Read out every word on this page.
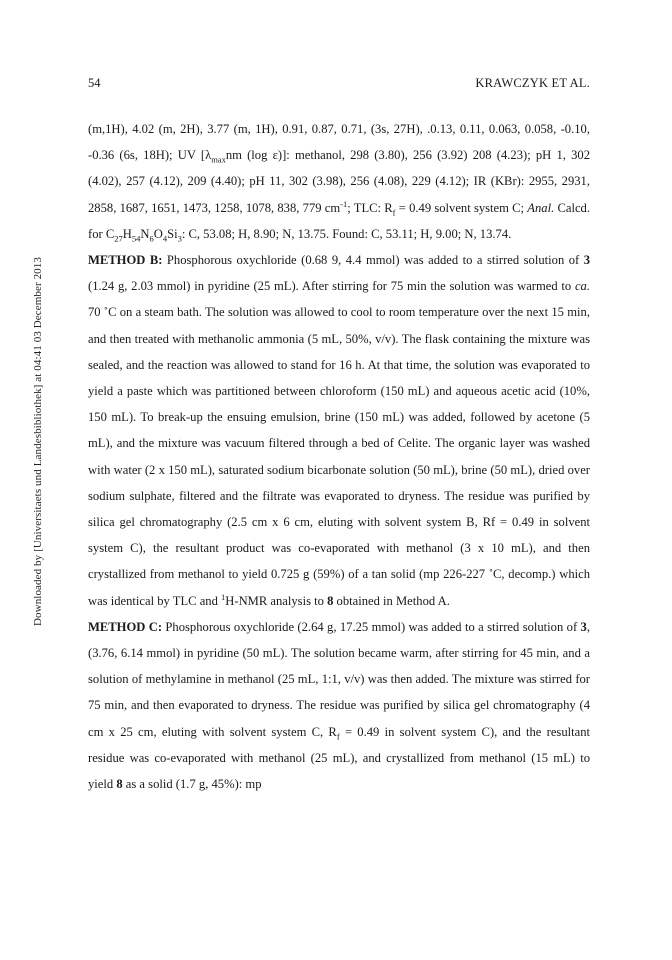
Downloaded by [Universitaets und Landesbibliothek] at 04:41 03 December 2013
54	KRAWCZYK ET AL.

(m,1H), 4.02 (m, 2H), 3.77 (m, 1H), 0.91, 0.87, 0.71, (3s, 27H), .0.13, 0.11, 0.063, 0.058, -0.10, -0.36 (6s, 18H); UV [$\lambda_{max}nm$ (log ε)]: methanol, 298 (3.80), 256 (3.92) 208 (4.23); pH 1, 302 (4.02), 257 (4.12), 209 (4.40); pH 11, 302 (3.98), 256 (4.08), 229 (4.12); IR (KBr): 2955, 2931, 2858, 1687, 1651, 1473, 1258, 1078, 838, 779 $cm^{-1}$; TLC: $R_f = 0.49$ solvent system C; Anal. Calcd. for $C_{27}H_{54}N_6O_4Si_3$: C, 53.08; H, 8.90; N, 13.75. Found: C, 53.11; H, 9.00; N, 13.74.

METHOD B: Phosphorous oxychloride (0.68 9, 4.4 mmol) was added to a stirred solution of 3 (1.24 g, 2.03 mmol) in pyridine (25 mL). After stirring for 75 min the solution was warmed to ca. 70 ˚C on a steam bath. The solution was allowed to cool to room temperature over the next 15 min, and then treated with methanolic ammonia (5 mL, 50%, v/v). The flask containing the mixture was sealed, and the reaction was allowed to stand for 16 h. At that time, the solution was evaporated to yield a paste which was partitioned between chloroform (150 mL) and aqueous acetic acid (10%, 150 mL). To break-up the ensuing emulsion, brine (150 mL) was added, followed by acetone (5 mL), and the mixture was vacuum filtered through a bed of Celite. The organic layer was washed with water (2 x 150 mL), saturated sodium bicarbonate solution (50 mL), brine (50 mL), dried over sodium sulphate, filtered and the filtrate was evaporated to dryness. The residue was purified by silica gel chromatography (2.5 cm x 6 cm, eluting with solvent system B, Rf = 0.49 in solvent system C), the resultant product was co-evaporated with methanol (3 x 10 mL), and then crystallized from methanol to yield 0.725 g (59%) of a tan solid (mp 226-227 ˚C, decomp.) which was identical by TLC and $^1$H-NMR analysis to 8 obtained in Method A.

METHOD C: Phosphorous oxychloride (2.64 g, 17.25 mmol) was added to a stirred solution of 3, (3.76, 6.14 mmol) in pyridine (50 mL). The solution became warm, after stirring for 45 min, and a solution of methylamine in methanol (25 mL, 1:1, v/v) was then added. The mixture was stirred for 75 min, and then evaporated to dryness. The residue was purified by silica gel chromatography (4 cm x 25 cm, eluting with solvent system C, $R_f = 0.49$ in solvent system C), and the resultant residue was co-evaporated with methanol (25 mL), and crystallized from methanol (15 mL) to yield 8 as a solid (1.7 g, 45%): mp
